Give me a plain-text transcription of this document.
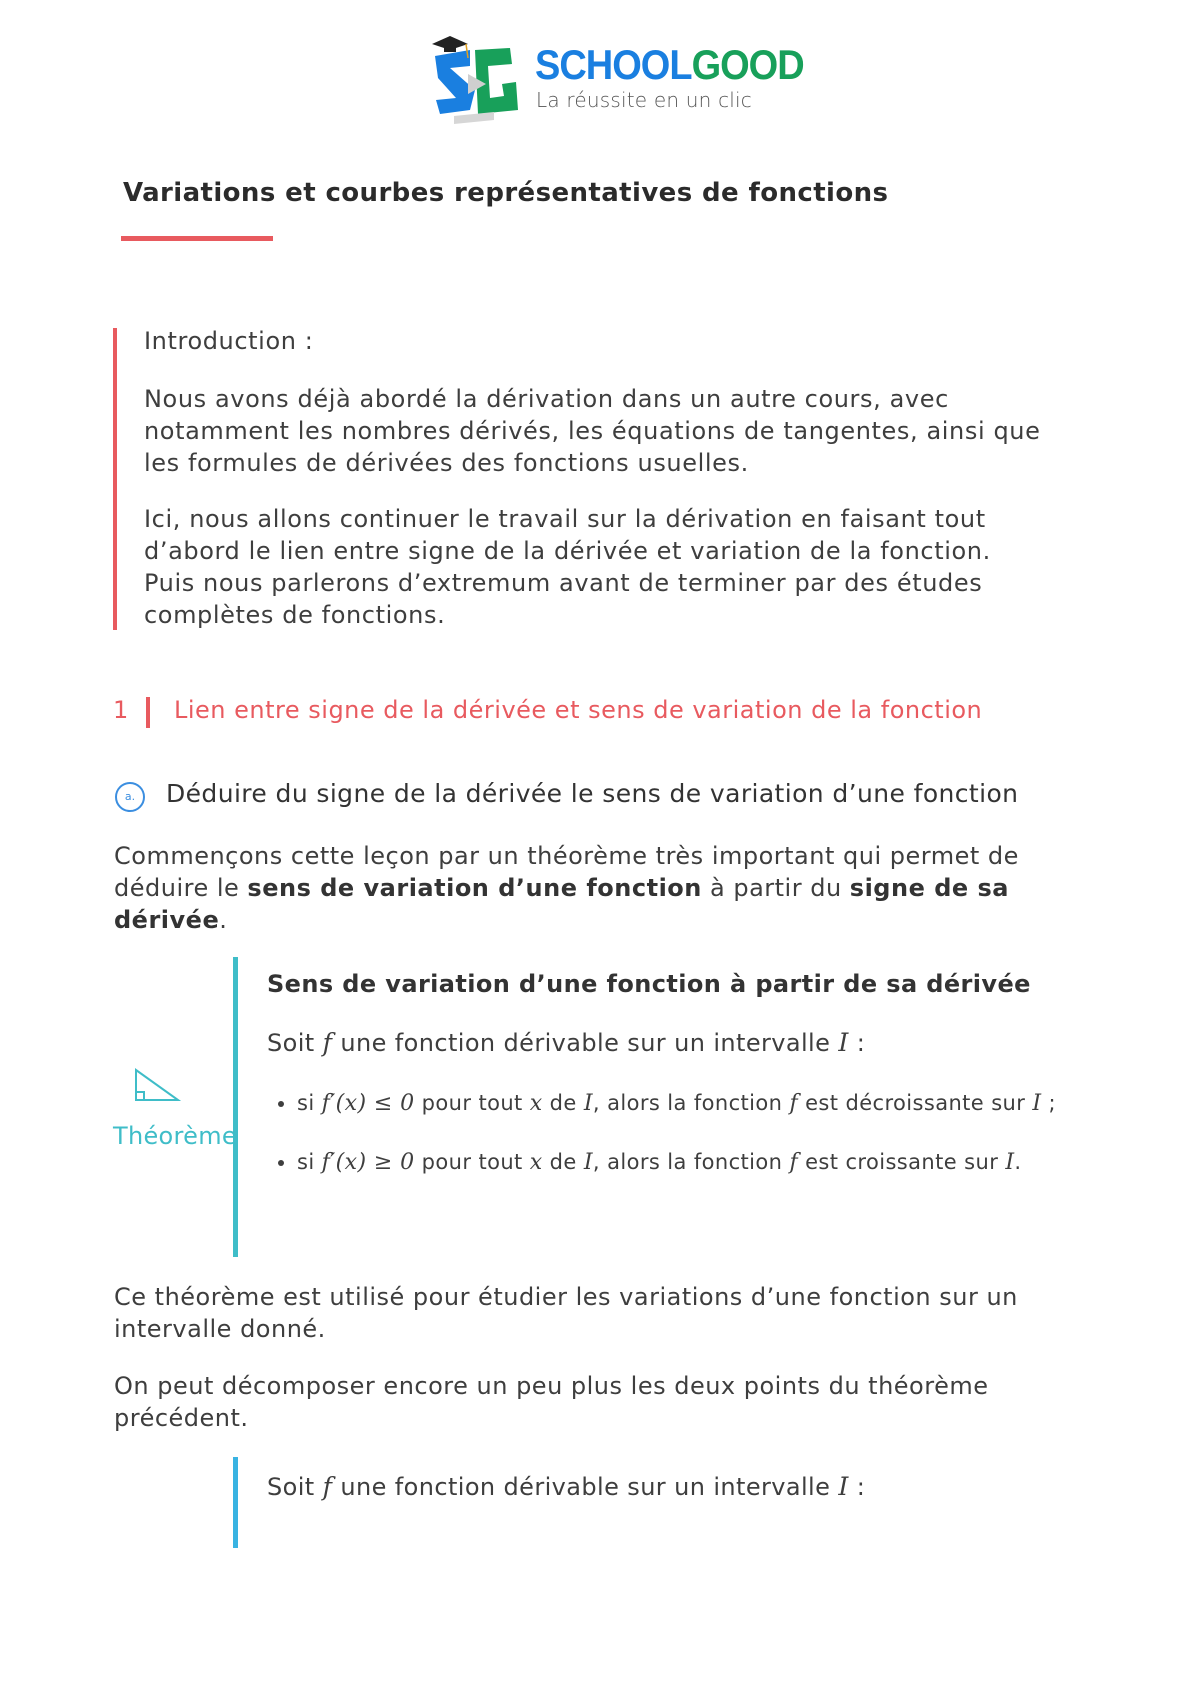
SCHOOLGOOD
La réussite en un clic
Variations et courbes représentatives de fonctions

Introduction :

Nous avons déjà abordé la dérivation dans un autre cours, avec notamment les nombres dérivés, les équations de tangentes, ainsi que les formules de dérivées des fonctions usuelles.

Ici, nous allons continuer le travail sur la dérivation en faisant tout d’abord le lien entre signe de la dérivée et variation de la fonction. Puis nous parlerons d’extremum avant de terminer par des études complètes de fonctions.

1 Lien entre signe de la dérivée et sens de variation de la fonction
a.	Déduire du signe de la dérivée le sens de variation d’une fonction
Commençons cette leçon par un théorème très important qui permet de déduire le sens de variation d’une fonction à partir du signe de sa dérivée.
Théorème
Sens de variation d’une fonction à partir de sa dérivée

Soit f une fonction dérivable sur un intervalle I :

• si f′(x) ≤ 0 pour tout x de I, alors la fonction f est décroissante sur I ;
• si f′(x) ≥ 0 pour tout x de I, alors la fonction f est croissante sur I.
Ce théorème est utilisé pour étudier les variations d’une fonction sur un intervalle donné.
On peut décomposer encore un peu plus les deux points du théorème précédent.
Soit f une fonction dérivable sur un intervalle I :
